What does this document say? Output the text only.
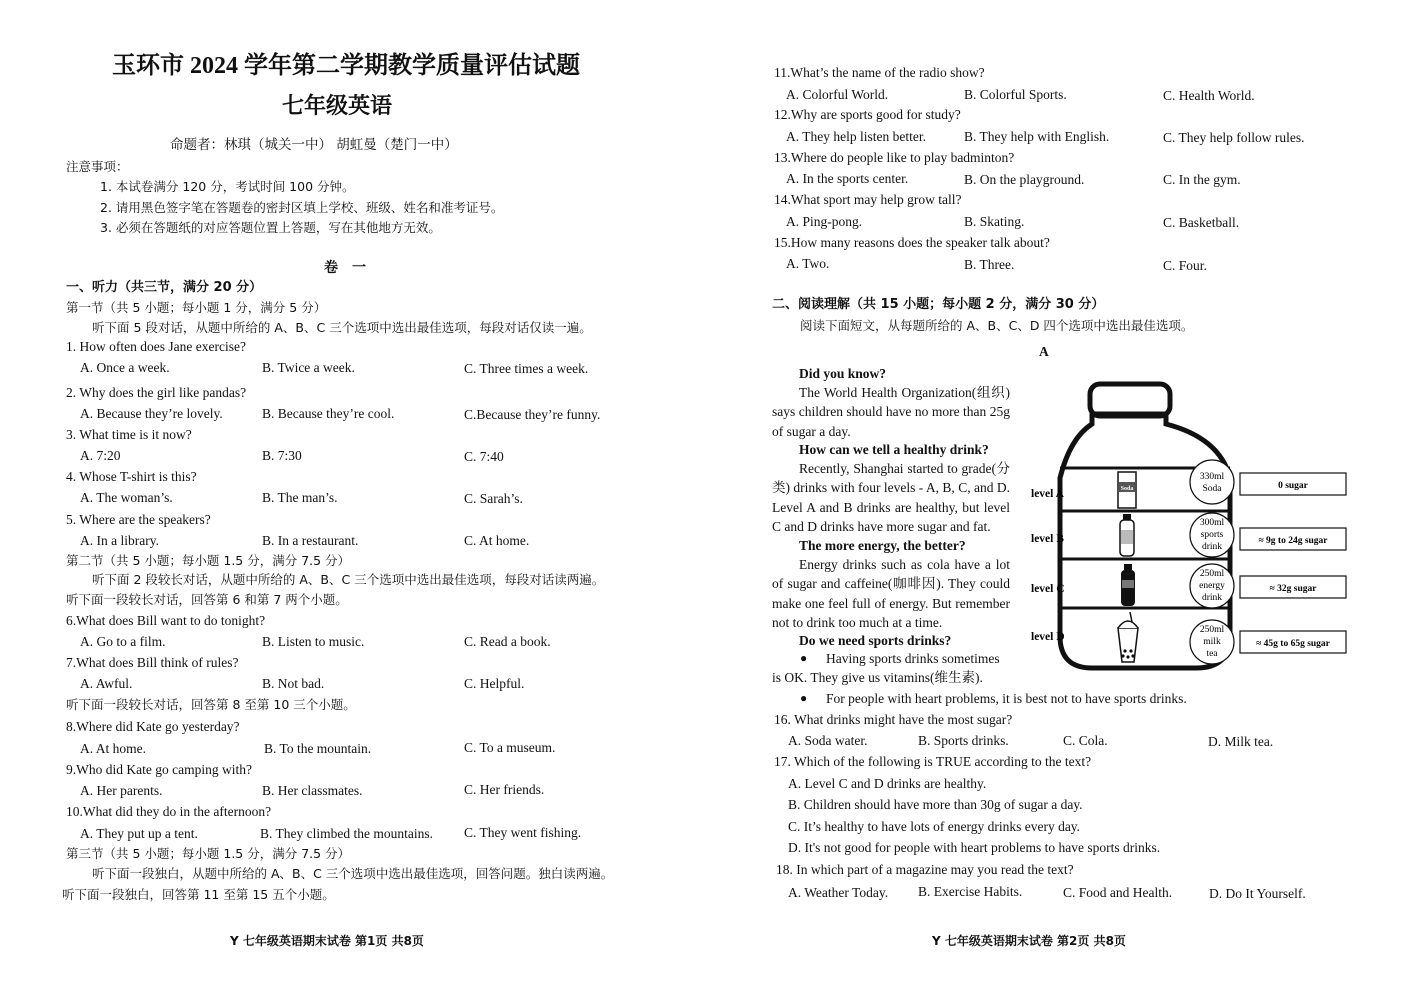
玉环市 2024 学年第二学期教学质量评估试题
七年级英语
命题者：林琪（城关一中） 胡虹曼（楚门一中）
注意事项：
1. 本试卷满分 120 分，考试时间 100 分钟。
2. 请用黑色签字笔在答题卷的密封区填上学校、班级、姓名和准考证号。
3. 必须在答题纸的对应答题位置上答题，写在其他地方无效。
卷　一
一、听力（共三节，满分 20 分）
第一节（共 5 小题；每小题 1 分，满分 5 分）
听下面 5 段对话，从题中所给的 A、B、C 三个选项中选出最佳选项，每段对话仅读一遍。
1. How often does Jane exercise?
A. Once a week.	B. Twice a week.	C. Three times a week.
2. Why does the girl like pandas?
A. Because they’re lovely.	B. Because they’re cool.	C.Because they’re funny.
3. What time is it now?
A. 7:20	B. 7:30	C. 7:40
4. Whose T-shirt is this?
A. The woman’s.	B. The man’s.	C. Sarah’s.
5. Where are the speakers?
A. In a library.	B. In a restaurant.	C. At home.
第二节（共 5 小题；每小题 1.5 分，满分 7.5 分）
听下面 2 段较长对话，从题中所给的 A、B、C 三个选项中选出最佳选项，每段对话读两遍。
听下面一段较长对话，回答第 6 和第 7 两个小题。
6.What does Bill want to do tonight?
A. Go to a film.	B. Listen to music.	C. Read a book.
7.What does Bill think of rules?
A. Awful.	B. Not bad.	C. Helpful.
听下面一段较长对话，回答第 8 至第 10 三个小题。
8.Where did Kate go yesterday?
A. At home.	B. To the mountain.	C. To a museum.
9.Who did Kate go camping with?
A. Her parents.	B. Her classmates.	C. Her friends.
10.What did they do in the afternoon?
A. They put up a tent.	B. They climbed the mountains. C. They went fishing.
第三节（共 5 小题；每小题 1.5 分，满分 7.5 分）
听下面一段独白，从题中所给的 A、B、C 三个选项中选出最佳选项，回答问题。独白读两遍。
听下面一段独白，回答第 11 至第 15 五个小题。
Y 七年级英语期末试卷 第1页 共8页
11.What’s the name of the radio show?
A. Colorful World.	B. Colorful Sports.	C. Health World.
12.Why are sports good for study?
A. They help listen better.	B. They help with English.	C. They help follow rules.
13.Where do people like to play badminton?
A. In the sports center.	B. On the playground.	C. In the gym.
14.What sport may help grow tall?
A. Ping-pong.	B. Skating.	C. Basketball.
15.How many reasons does the speaker talk about?
A. Two.	B. Three.	C. Four.
二、阅读理解（共 15 小题；每小题 2 分，满分 30 分）
阅读下面短文，从每题所给的 A、B、C、D 四个选项中选出最佳选项。
A
Did you know?
The World Health Organization(组织) says children should have no more than 25g of sugar a day.
How can we tell a healthy drink?
Recently, Shanghai started to grade(分类) drinks with four levels - A, B, C, and D. Level A and B drinks are healthy, but level C and D drinks have more sugar and fat.
The more energy, the better?
Energy drinks such as cola have a lot of sugar and caffeine(咖啡因). They could make one feel full of energy. But remember not to drink too much at a time.
Do we need sports drinks?
● Having sports drinks sometimes
is OK. They give us vitamins(维生素).
● For people with heart problems, it is best not to have sports drinks.
Soda
level A
level B
level C
level D
330ml
Soda
300ml
sports
drink
250ml
energy
drink
250ml
milk
tea
0 sugar
≈ 9g to 24g sugar
≈ 32g sugar
≈ 45g to 65g sugar
16. What drinks might have the most sugar?
A. Soda water.	B. Sports drinks.	C. Cola.	D. Milk tea.
17. Which of the following is TRUE according to the text?
A. Level C and D drinks are healthy.
B. Children should have more than 30g of sugar a day.
C. It’s healthy to have lots of energy drinks every day.
D. It's not good for people with heart problems to have sports drinks.
18. In which part of a magazine may you read the text?
A. Weather Today. B. Exercise Habits.	C. Food and Health.	D. Do It Yourself.
Y 七年级英语期末试卷 第2页 共8页
